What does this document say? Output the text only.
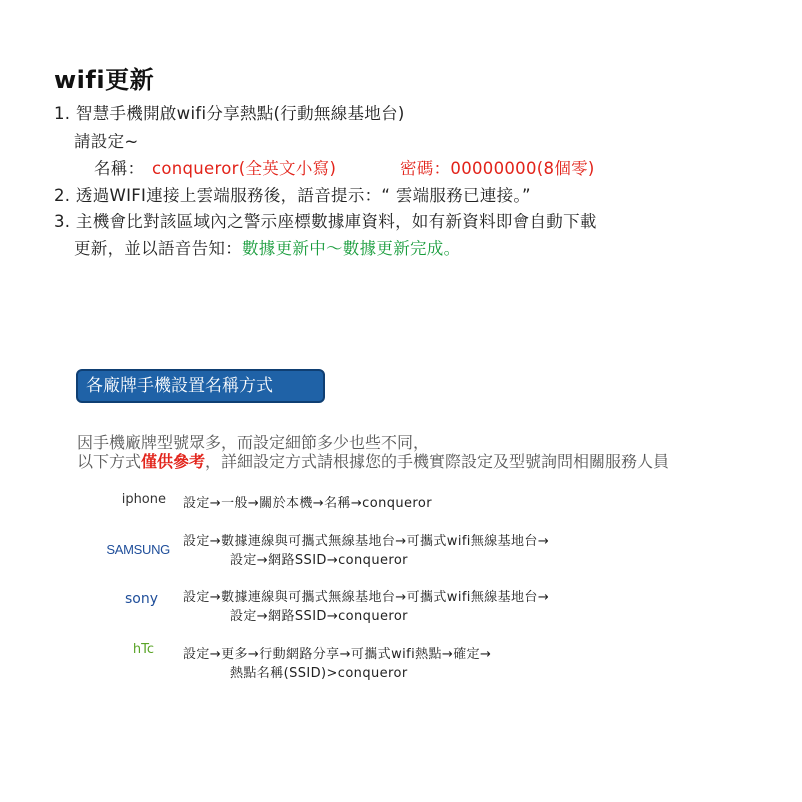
wifi更新
1. 智慧手機開啟wifi分享熱點(行動無線基地台)
請設定~
名稱： conqueror(全英文小寫)	密碼：00000000(8個零)
2. 透過WIFI連接上雲端服務後，語音提示：“ 雲端服務已連接。”
3. 主機會比對該區域內之警示座標數據庫資料，如有新資料即會自動下載
更新，並以語音告知：數據更新中～數據更新完成。
各廠牌手機設置名稱方式
因手機廠牌型號眾多，而設定細節多少也些不同，
以下方式僅供參考，詳細設定方式請根據您的手機實際設定及型號詢問相關服務人員
iphone 設定→一般→關於本機→名稱→conqueror
SAMSUNG
設定→數據連線與可攜式無線基地台→可攜式wifi無線基地台→
設定→網路SSID→conqueror
sony 設定→數據連線與可攜式無線基地台→可攜式wifi無線基地台→
設定→網路SSID→conqueror
hTc 設定→更多→行動網路分享→可攜式wifi熱點→確定→
熱點名稱(SSID)>conqueror
